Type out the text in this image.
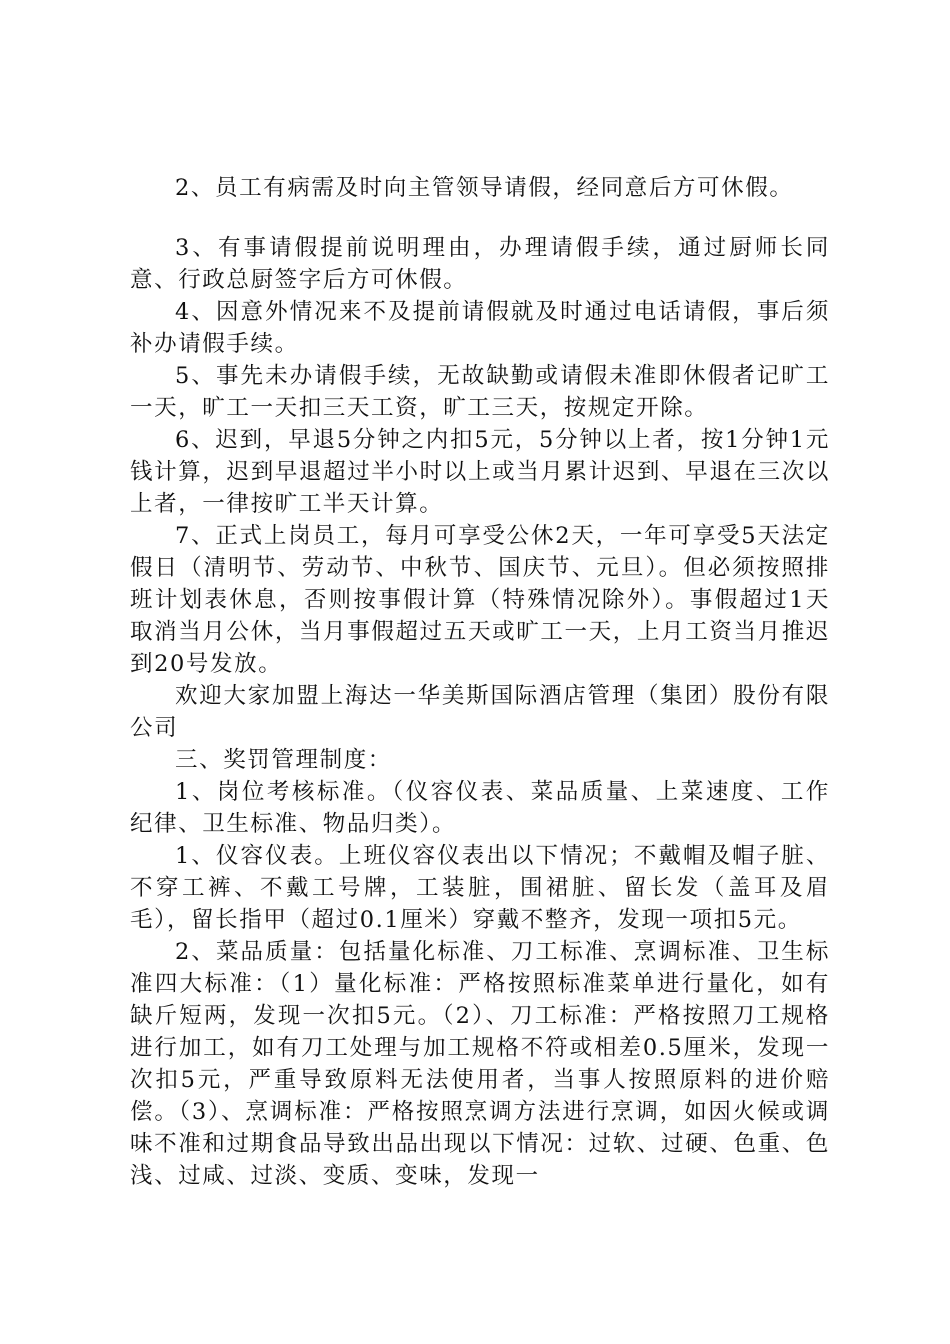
2、员工有病需及时向主管领导请假，经同意后方可休假。

3、有事请假提前说明理由，办理请假手续，通过厨师长同意、行政总厨签字后方可休假。

4、因意外情况来不及提前请假就及时通过电话请假，事后须补办请假手续。

5、事先未办请假手续，无故缺勤或请假未准即休假者记旷工一天，旷工一天扣三天工资，旷工三天，按规定开除。

6、迟到，早退5分钟之内扣5元，5分钟以上者，按1分钟1元钱计算，迟到早退超过半小时以上或当月累计迟到、早退在三次以上者，一律按旷工半天计算。

7、正式上岗员工，每月可享受公休2天，一年可享受5天法定假日（清明节、劳动节、中秋节、国庆节、元旦）。但必须按照排班计划表休息，否则按事假计算（特殊情况除外）。事假超过1天取消当月公休，当月事假超过五天或旷工一天，上月工资当月推迟到20号发放。

欢迎大家加盟上海达一华美斯国际酒店管理（集团）股份有限公司

三、奖罚管理制度：

1、岗位考核标准。（仪容仪表、菜品质量、上菜速度、工作纪律、卫生标准、物品归类）。

1、仪容仪表。上班仪容仪表出以下情况；不戴帽及帽子脏、不穿工裤、不戴工号牌，工装脏，围裙脏、留长发（盖耳及眉毛），留长指甲（超过0.1厘米）穿戴不整齐，发现一项扣5元。

2、菜品质量：包括量化标准、刀工标准、烹调标准、卫生标准四大标准：（1）量化标准：严格按照标准菜单进行量化，如有缺斤短两，发现一次扣5元。（2）、刀工标准：严格按照刀工规格进行加工，如有刀工处理与加工规格不符或相差0.5厘米，发现一次扣5元，严重导致原料无法使用者，当事人按照原料的进价赔偿。（3）、烹调标准：严格按照烹调方法进行烹调，如因火候或调味不准和过期食品导致出品出现以下情况：过软、过硬、色重、色浅、过咸、过淡、变质、变味，发现一
